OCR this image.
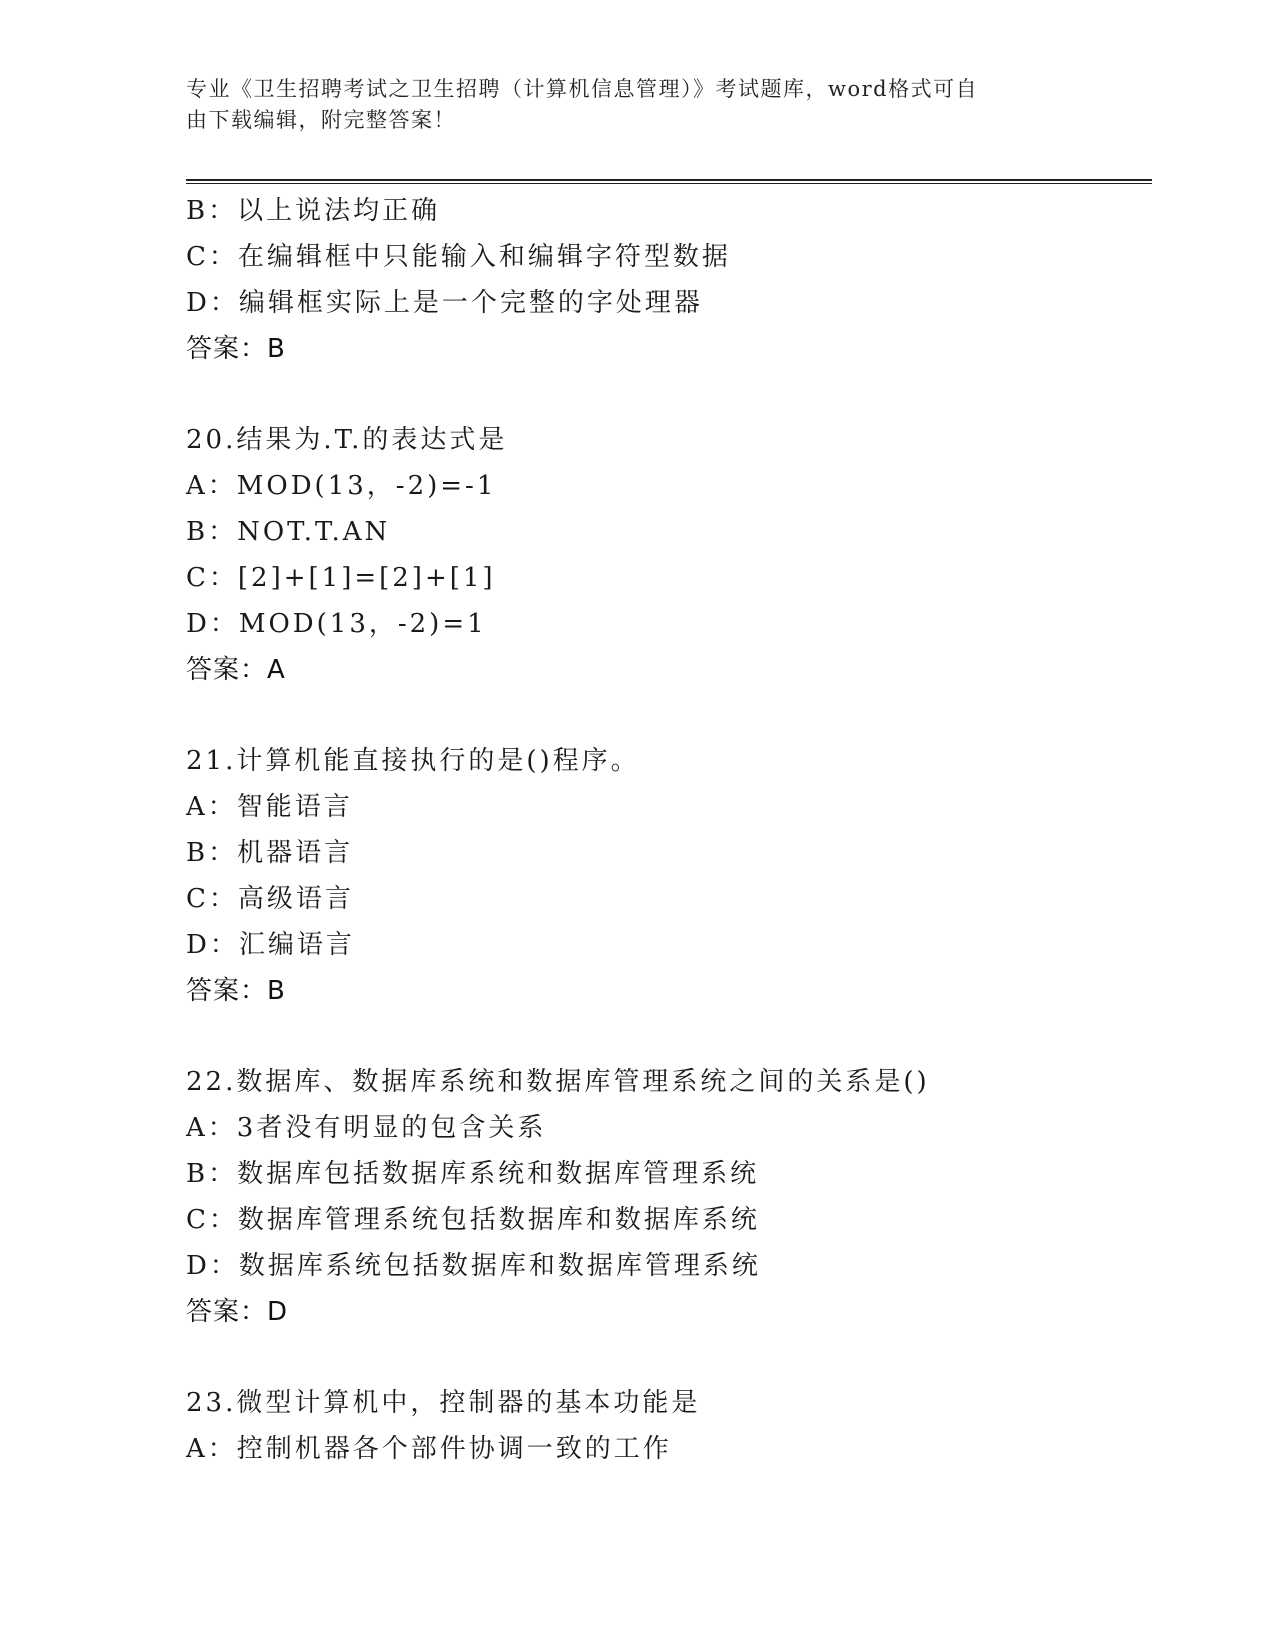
专业《卫生招聘考试之卫生招聘（计算机信息管理）》考试题库，word格式可自
由下载编辑，附完整答案！
B：以上说法均正确
C：在编辑框中只能输入和编辑字符型数据
D：编辑框实际上是一个完整的字处理器
答案：B
20.结果为.T.的表达式是
A：MOD(13，-2)=-1
B：NOT.T.AN
C：[2]+[1]=[2]+[1]
D：MOD(13，-2)=1
答案：A
21.计算机能直接执行的是()程序。
A：智能语言
B：机器语言
C：高级语言
D：汇编语言
答案：B
22.数据库、数据库系统和数据库管理系统之间的关系是()
A：3者没有明显的包含关系
B：数据库包括数据库系统和数据库管理系统
C：数据库管理系统包括数据库和数据库系统
D：数据库系统包括数据库和数据库管理系统
答案：D
23.微型计算机中，控制器的基本功能是
A：控制机器各个部件协调一致的工作
